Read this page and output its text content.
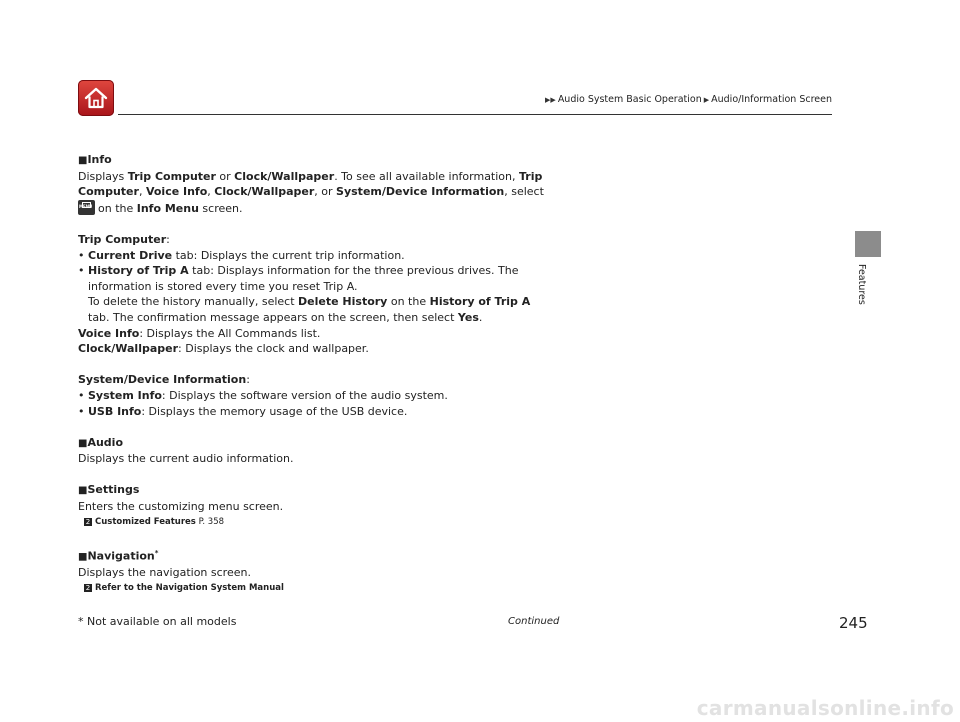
▶▶ Audio System Basic Operation ▶ Audio/Information Screen
Features

■Info

Displays Trip Computer or Clock/Wallpaper. To see all available information, Trip

Computer, Voice Info, Clock/Wallpaper, or System/Device Information, select

MENUon the Info Menu screen.

Trip Computer:

• Current Drive tab: Displays the current trip information.

• History of Trip A tab: Displays information for the three previous drives. The

information is stored every time you reset Trip A.

To delete the history manually, select Delete History on the History of Trip A

tab. The confirmation message appears on the screen, then select Yes.

Voice Info: Displays the All Commands list.

Clock/Wallpaper: Displays the clock and wallpaper.

System/Device Information:

• System Info: Displays the software version of the audio system.

• USB Info: Displays the memory usage of the USB device.

■Audio

Displays the current audio information.

■Settings

Enters the customizing menu screen.

2 Customized Features P. 358

■Navigation*

Displays the navigation screen.

2 Refer to the Navigation System Manual

* Not available on all models	Continued	245
carmanualsonline.info
